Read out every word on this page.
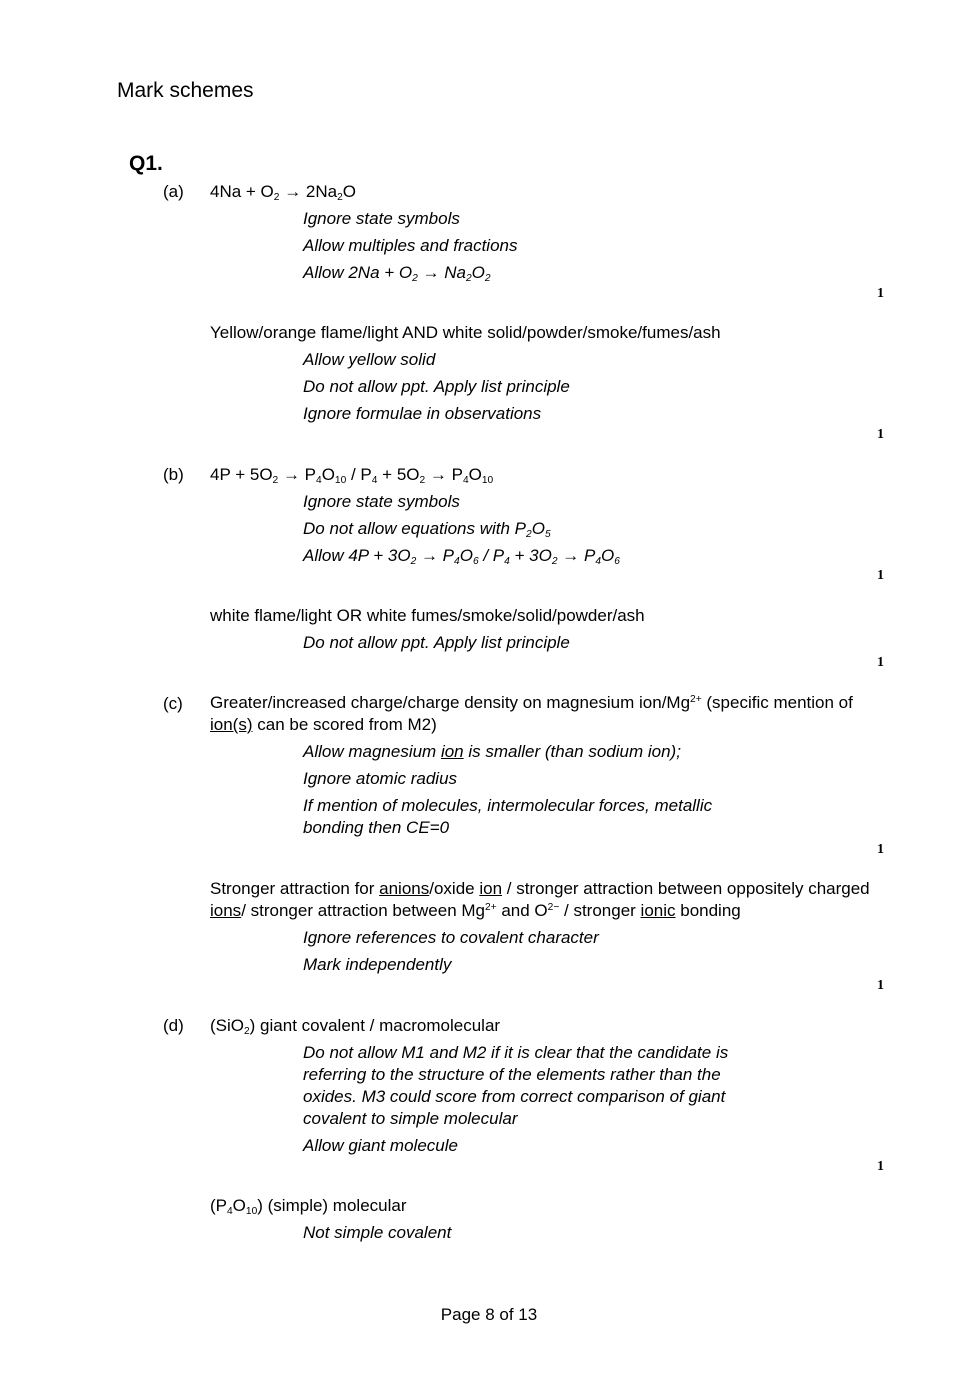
Mark schemes
Q1.
(a) 4Na + O2 → 2Na2O
Ignore state symbols
Allow multiples and fractions
Allow 2Na + O2 → Na2O2
1
Yellow/orange flame/light AND white solid/powder/smoke/fumes/ash
Allow yellow solid
Do not allow ppt. Apply list principle
Ignore formulae in observations
1
(b) 4P + 5O2 → P4O10 / P4 + 5O2 → P4O10
Ignore state symbols
Do not allow equations with P2O5
Allow 4P + 3O2 → P4O6 / P4 + 3O2 → P4O6
1
white flame/light OR white fumes/smoke/solid/powder/ash
Do not allow ppt. Apply list principle
1
(c) Greater/increased charge/charge density on magnesium ion/$Mg^{2+}$ (specific mention of ion(s) can be scored from M2)
Allow magnesium ion is smaller (than sodium ion);
Ignore atomic radius
If mention of molecules, intermolecular forces, metallic bonding then CE=0
1
Stronger attraction for anions/oxide ion / stronger attraction between oppositely charged ions/ stronger attraction between $Mg^{2+}$ and $O^{2-}$ / stronger ionic bonding
Ignore references to covalent character
Mark independently
1
(d) (SiO2) giant covalent / macromolecular
Do not allow M1 and M2 if it is clear that the candidate is referring to the structure of the elements rather than the oxides. M3 could score from correct comparison of giant covalent to simple molecular
Allow giant molecule
1
(P4O10) (simple) molecular
Not simple covalent
Page 8 of 13
